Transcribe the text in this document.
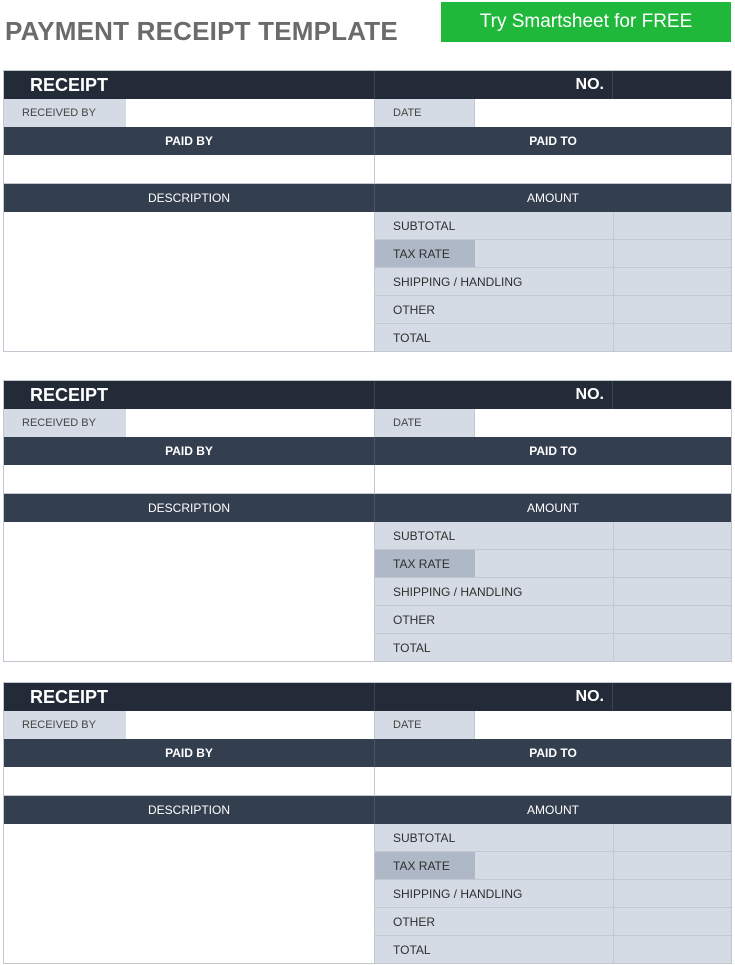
PAYMENT RECEIPT TEMPLATE	Try Smartsheet for FREE
RECEIPT	NO.
RECEIVED BY	DATE
PAID BY	PAID TO
DESCRIPTION	AMOUNT
SUBTOTAL
TAX RATE
SHIPPING / HANDLING
OTHER
TOTAL
RECEIPT	NO.
RECEIVED BY	DATE
PAID BY	PAID TO
DESCRIPTION	AMOUNT
SUBTOTAL
TAX RATE
SHIPPING / HANDLING
OTHER
TOTAL
RECEIPT	NO.
RECEIVED BY	DATE
PAID BY	PAID TO
DESCRIPTION	AMOUNT
SUBTOTAL
TAX RATE
SHIPPING / HANDLING
OTHER
TOTAL
